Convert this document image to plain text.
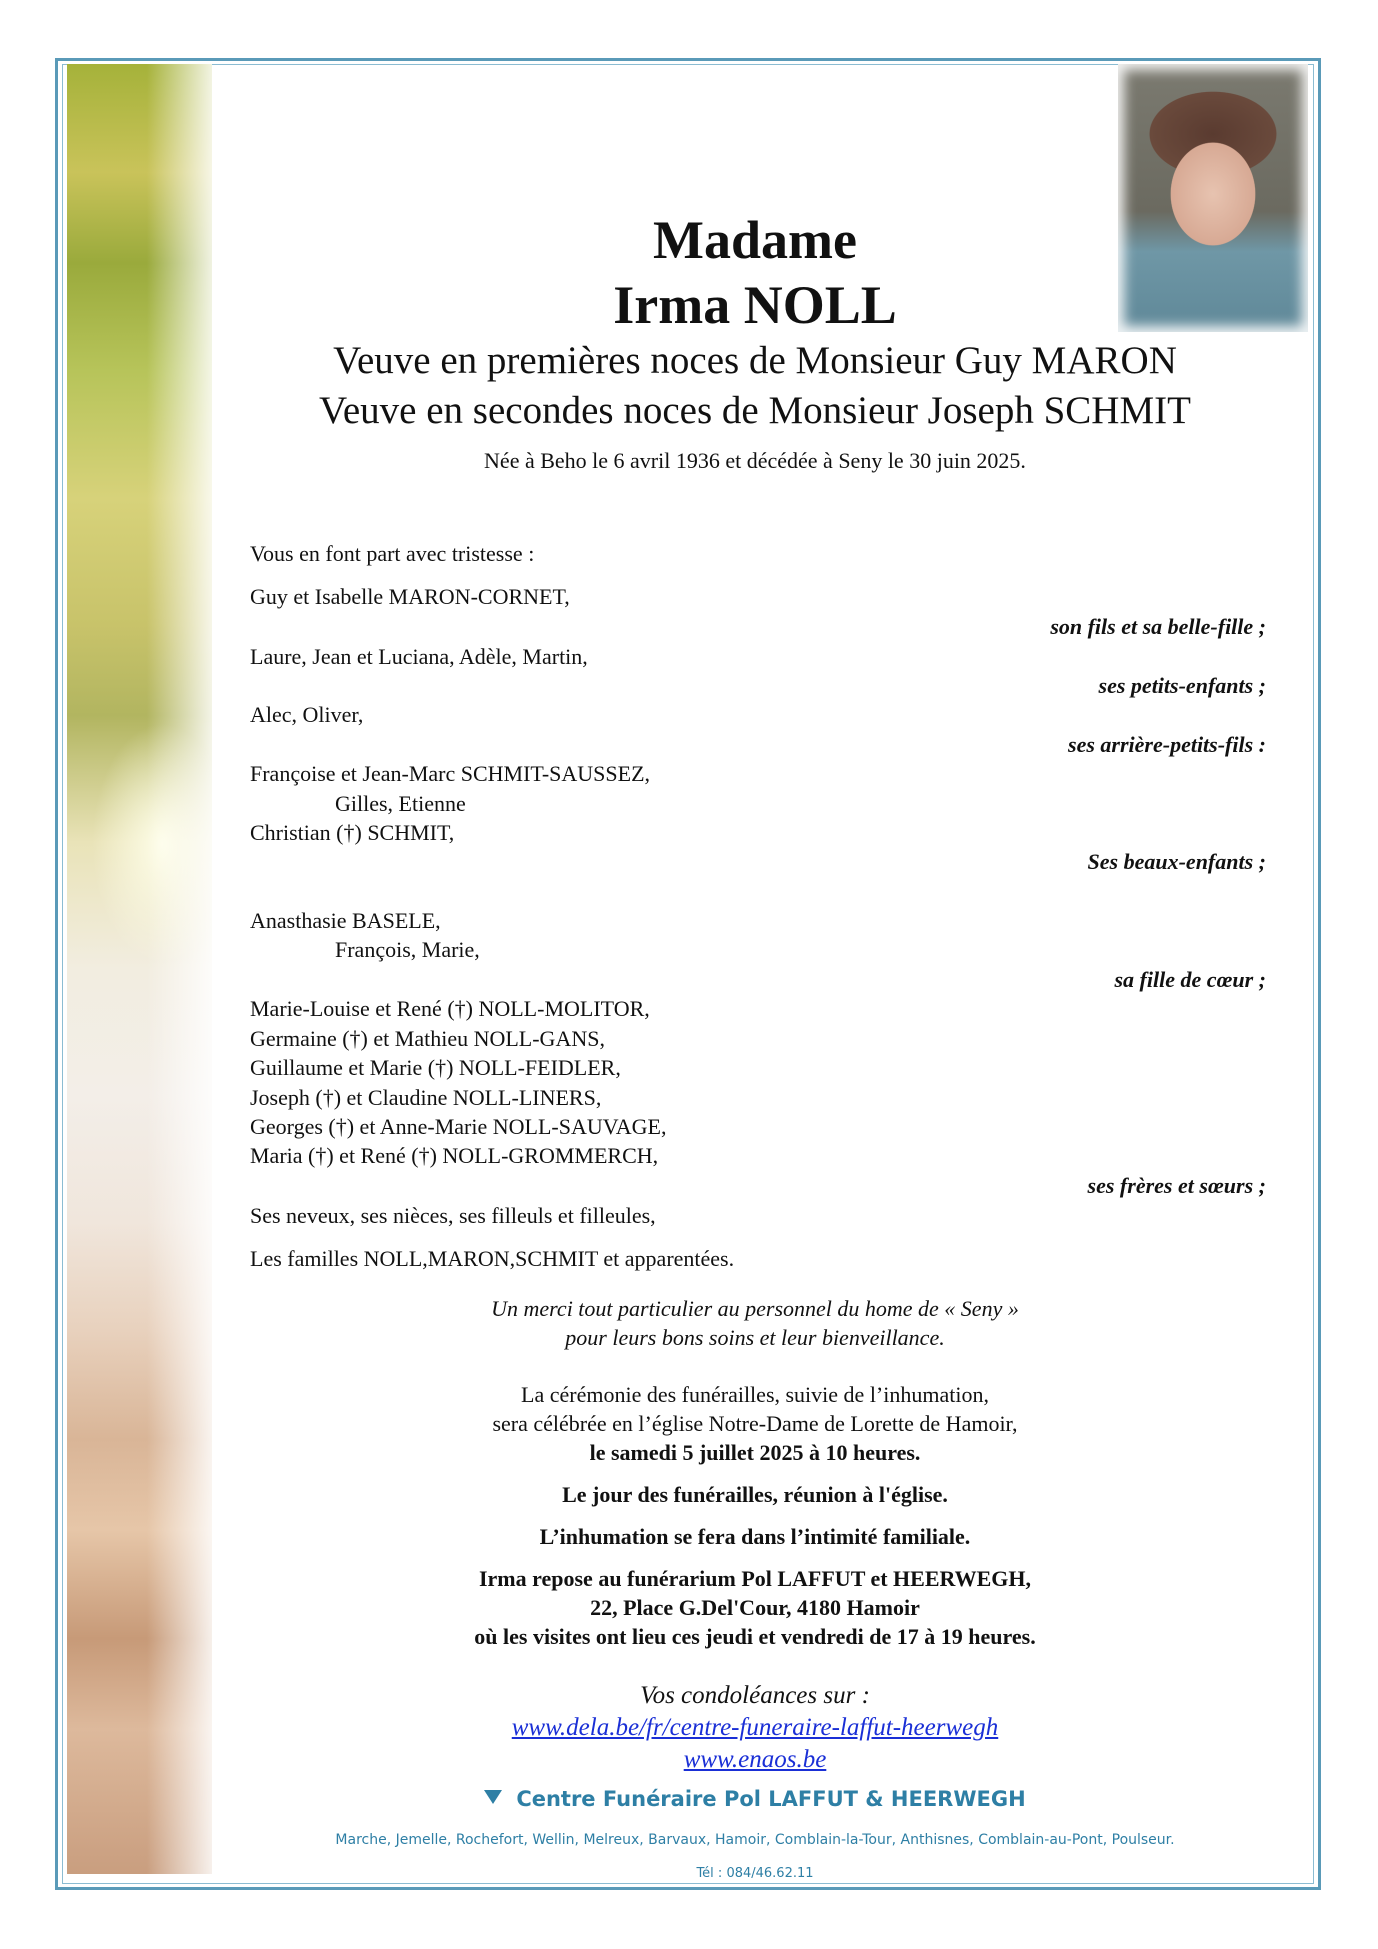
Madame
Irma NOLL
Veuve en premières noces de Monsieur Guy MARON
Veuve en secondes noces de Monsieur Joseph SCHMIT
Née à Beho le 6 avril 1936 et décédée à Seny le 30 juin 2025.
Vous en font part avec tristesse :
Guy et Isabelle MARON-CORNET,
son fils et sa belle-fille ;
Laure, Jean et Luciana, Adèle, Martin,
ses petits-enfants ;
Alec, Oliver,
ses arrière-petits-fils :
Françoise et Jean-Marc SCHMIT-SAUSSEZ,
Gilles, Etienne
Christian (†) SCHMIT,
Ses beaux-enfants ;
Anasthasie BASELE,
François, Marie,
sa fille de cœur ;
Marie-Louise et René (†) NOLL-MOLITOR,
Germaine (†) et Mathieu NOLL-GANS,
Guillaume et Marie (†) NOLL-FEIDLER,
Joseph (†) et Claudine NOLL-LINERS,
Georges (†) et Anne-Marie NOLL-SAUVAGE,
Maria (†) et René (†) NOLL-GROMMERCH,
ses frères et sœurs ;
Ses neveux, ses nièces, ses filleuls et filleules,
Les familles NOLL,MARON,SCHMIT et apparentées.
Un merci tout particulier au personnel du home de « Seny »
pour leurs bons soins et leur bienveillance.
La cérémonie des funérailles, suivie de l’inhumation,
sera célébrée en l’église Notre-Dame de Lorette de Hamoir,
le samedi 5 juillet 2025 à 10 heures.
Le jour des funérailles, réunion à l'église.
L’inhumation se fera dans l’intimité familiale.
Irma repose au funérarium Pol LAFFUT et HEERWEGH,
22, Place G.Del'Cour, 4180 Hamoir
où les visites ont lieu ces jeudi et vendredi de 17 à 19 heures.
Vos condoléances sur :
www.dela.be/fr/centre-funeraire-laffut-heerwegh
www.enaos.be
Centre Funéraire Pol LAFFUT & HEERWEGH
Marche, Jemelle, Rochefort, Wellin, Melreux, Barvaux, Hamoir, Comblain-la-Tour, Anthisnes, Comblain-au-Pont, Poulseur.
Tél : 084/46.62.11
